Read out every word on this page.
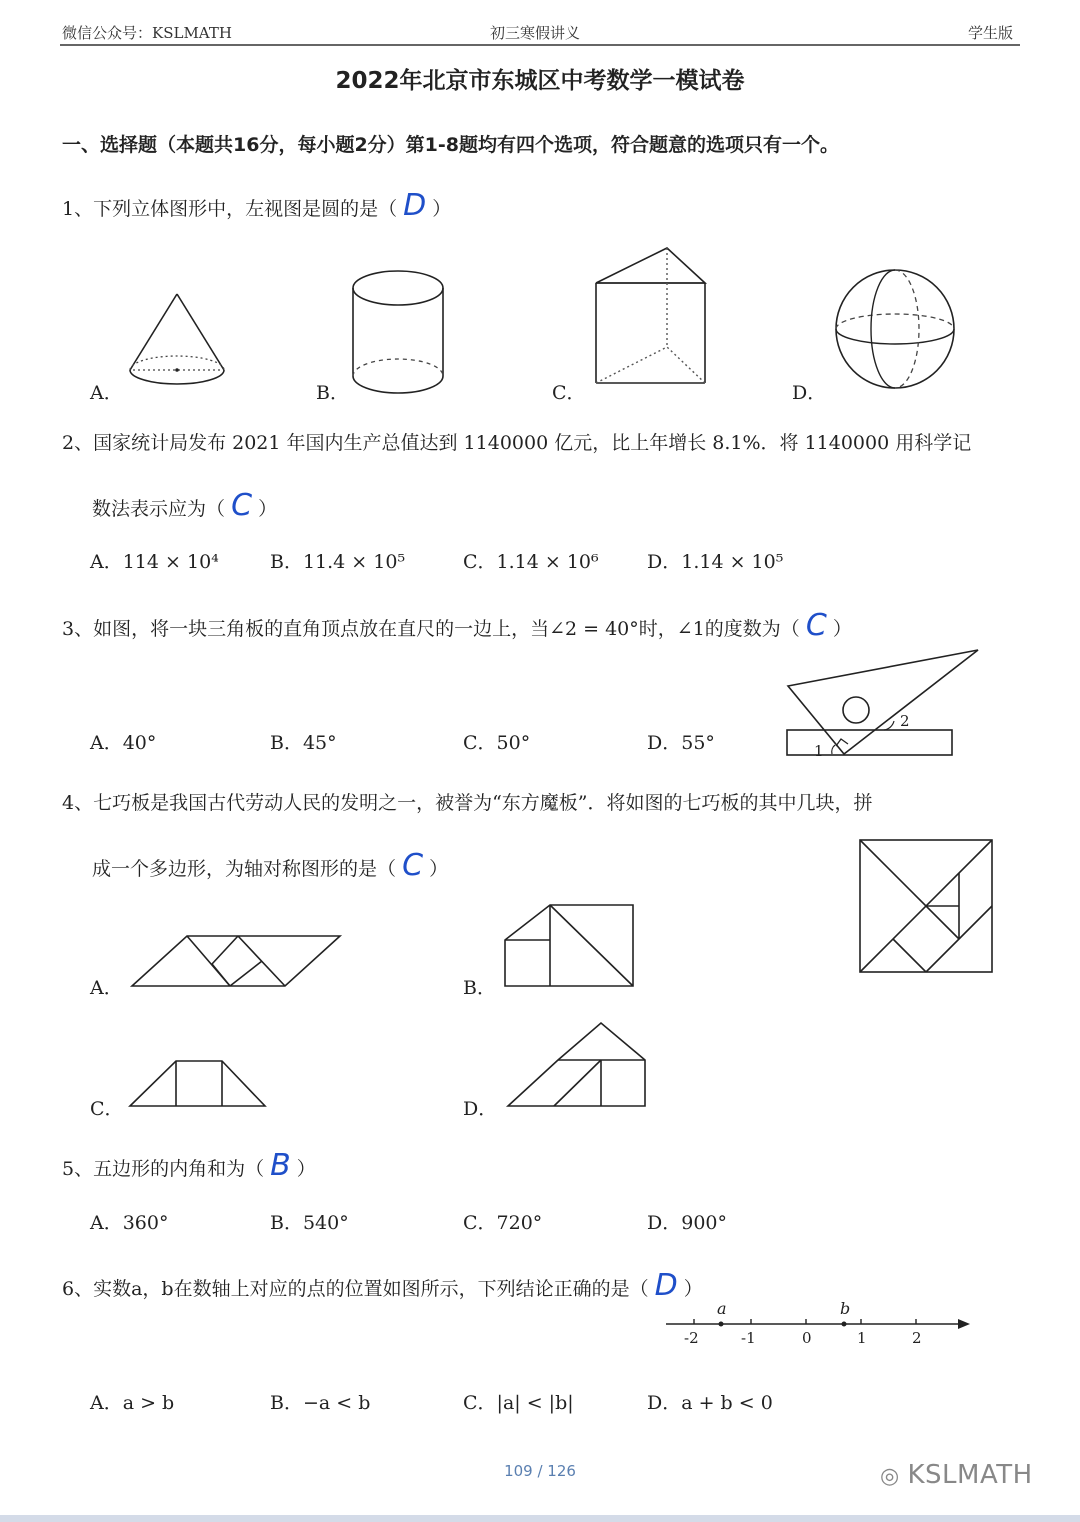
微信公众号：KSLMATH	初三寒假讲义	学生版
2022年北京市东城区中考数学一模试卷
一、选择题（本题共16分，每小题2分）第1-8题均有四个选项，符合题意的选项只有一个。
1、下列立体图形中，左视图是圆的是（ D ）
A．	B．	C．	D．
2、国家统计局发布 2021 年国内生产总值达到 1140000 亿元，比上年增长 8.1%．将 1140000 用科学记
数法表示应为（ C ）
A．114 × 10⁴	B．11.4 × 10⁵	C．1.14 × 10⁶	D．1.14 × 10⁵
3、如图，将一块三角板的直角顶点放在直尺的一边上，当∠2 = 40°时，∠1的度数为（ C ）
A．40°	B．45°	C．50°	D．55°	1
2
4、七巧板是我国古代劳动人民的发明之一，被誉为“东方魔板”．将如图的七巧板的其中几块，拼
成一个多边形，为轴对称图形的是（ C ）
A．	B．
C．	D．
5、五边形的内角和为（ B ）
A．360°	B．540°	C．720°	D．900°
6、实数a，b在数轴上对应的点的位置如图所示，下列结论正确的是（ D ）
a	b
-2	-1	0	1	2
A．a > b	B．−a < b	C．|a| < |b|	D．a + b < 0
109 / 126	◎ KSLMATH
